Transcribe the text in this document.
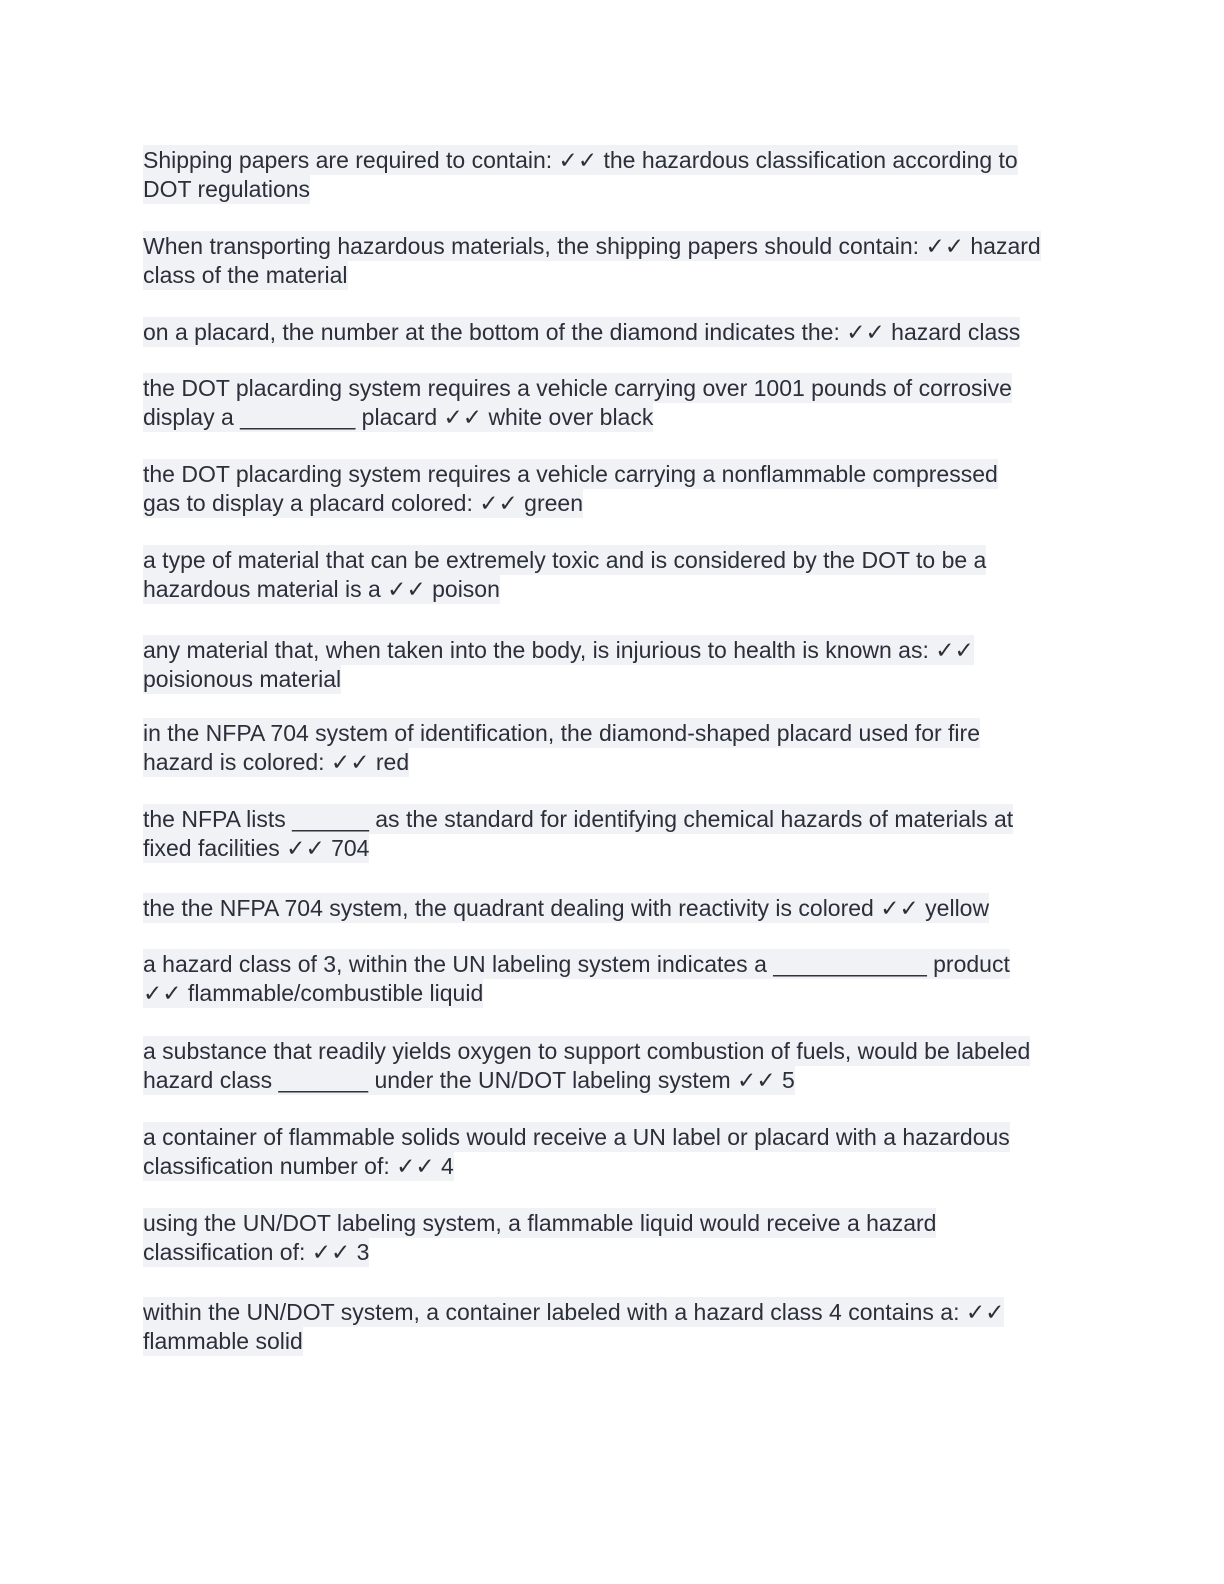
Shipping papers are required to contain: ✓✓ the hazardous classification according to
DOT regulations

When transporting hazardous materials, the shipping papers should contain: ✓✓ hazard
class of the material

on a placard, the number at the bottom of the diamond indicates the: ✓✓ hazard class

the DOT placarding system requires a vehicle carrying over 1001 pounds of corrosive
display a _________ placard ✓✓ white over black

the DOT placarding system requires a vehicle carrying a nonflammable compressed
gas to display a placard colored: ✓✓ green

a type of material that can be extremely toxic and is considered by the DOT to be a
hazardous material is a ✓✓ poison

any material that, when taken into the body, is injurious to health is known as: ✓✓
poisionous material

in the NFPA 704 system of identification, the diamond-shaped placard used for fire
hazard is colored: ✓✓ red

the NFPA lists ______ as the standard for identifying chemical hazards of materials at
fixed facilities ✓✓ 704

the the NFPA 704 system, the quadrant dealing with reactivity is colored ✓✓ yellow

a hazard class of 3, within the UN labeling system indicates a ____________ product
✓✓ flammable/combustible liquid

a substance that readily yields oxygen to support combustion of fuels, would be labeled
hazard class _______ under the UN/DOT labeling system ✓✓ 5

a container of flammable solids would receive a UN label or placard with a hazardous
classification number of: ✓✓ 4

using the UN/DOT labeling system, a flammable liquid would receive a hazard
classification of: ✓✓ 3

within the UN/DOT system, a container labeled with a hazard class 4 contains a: ✓✓
flammable solid
